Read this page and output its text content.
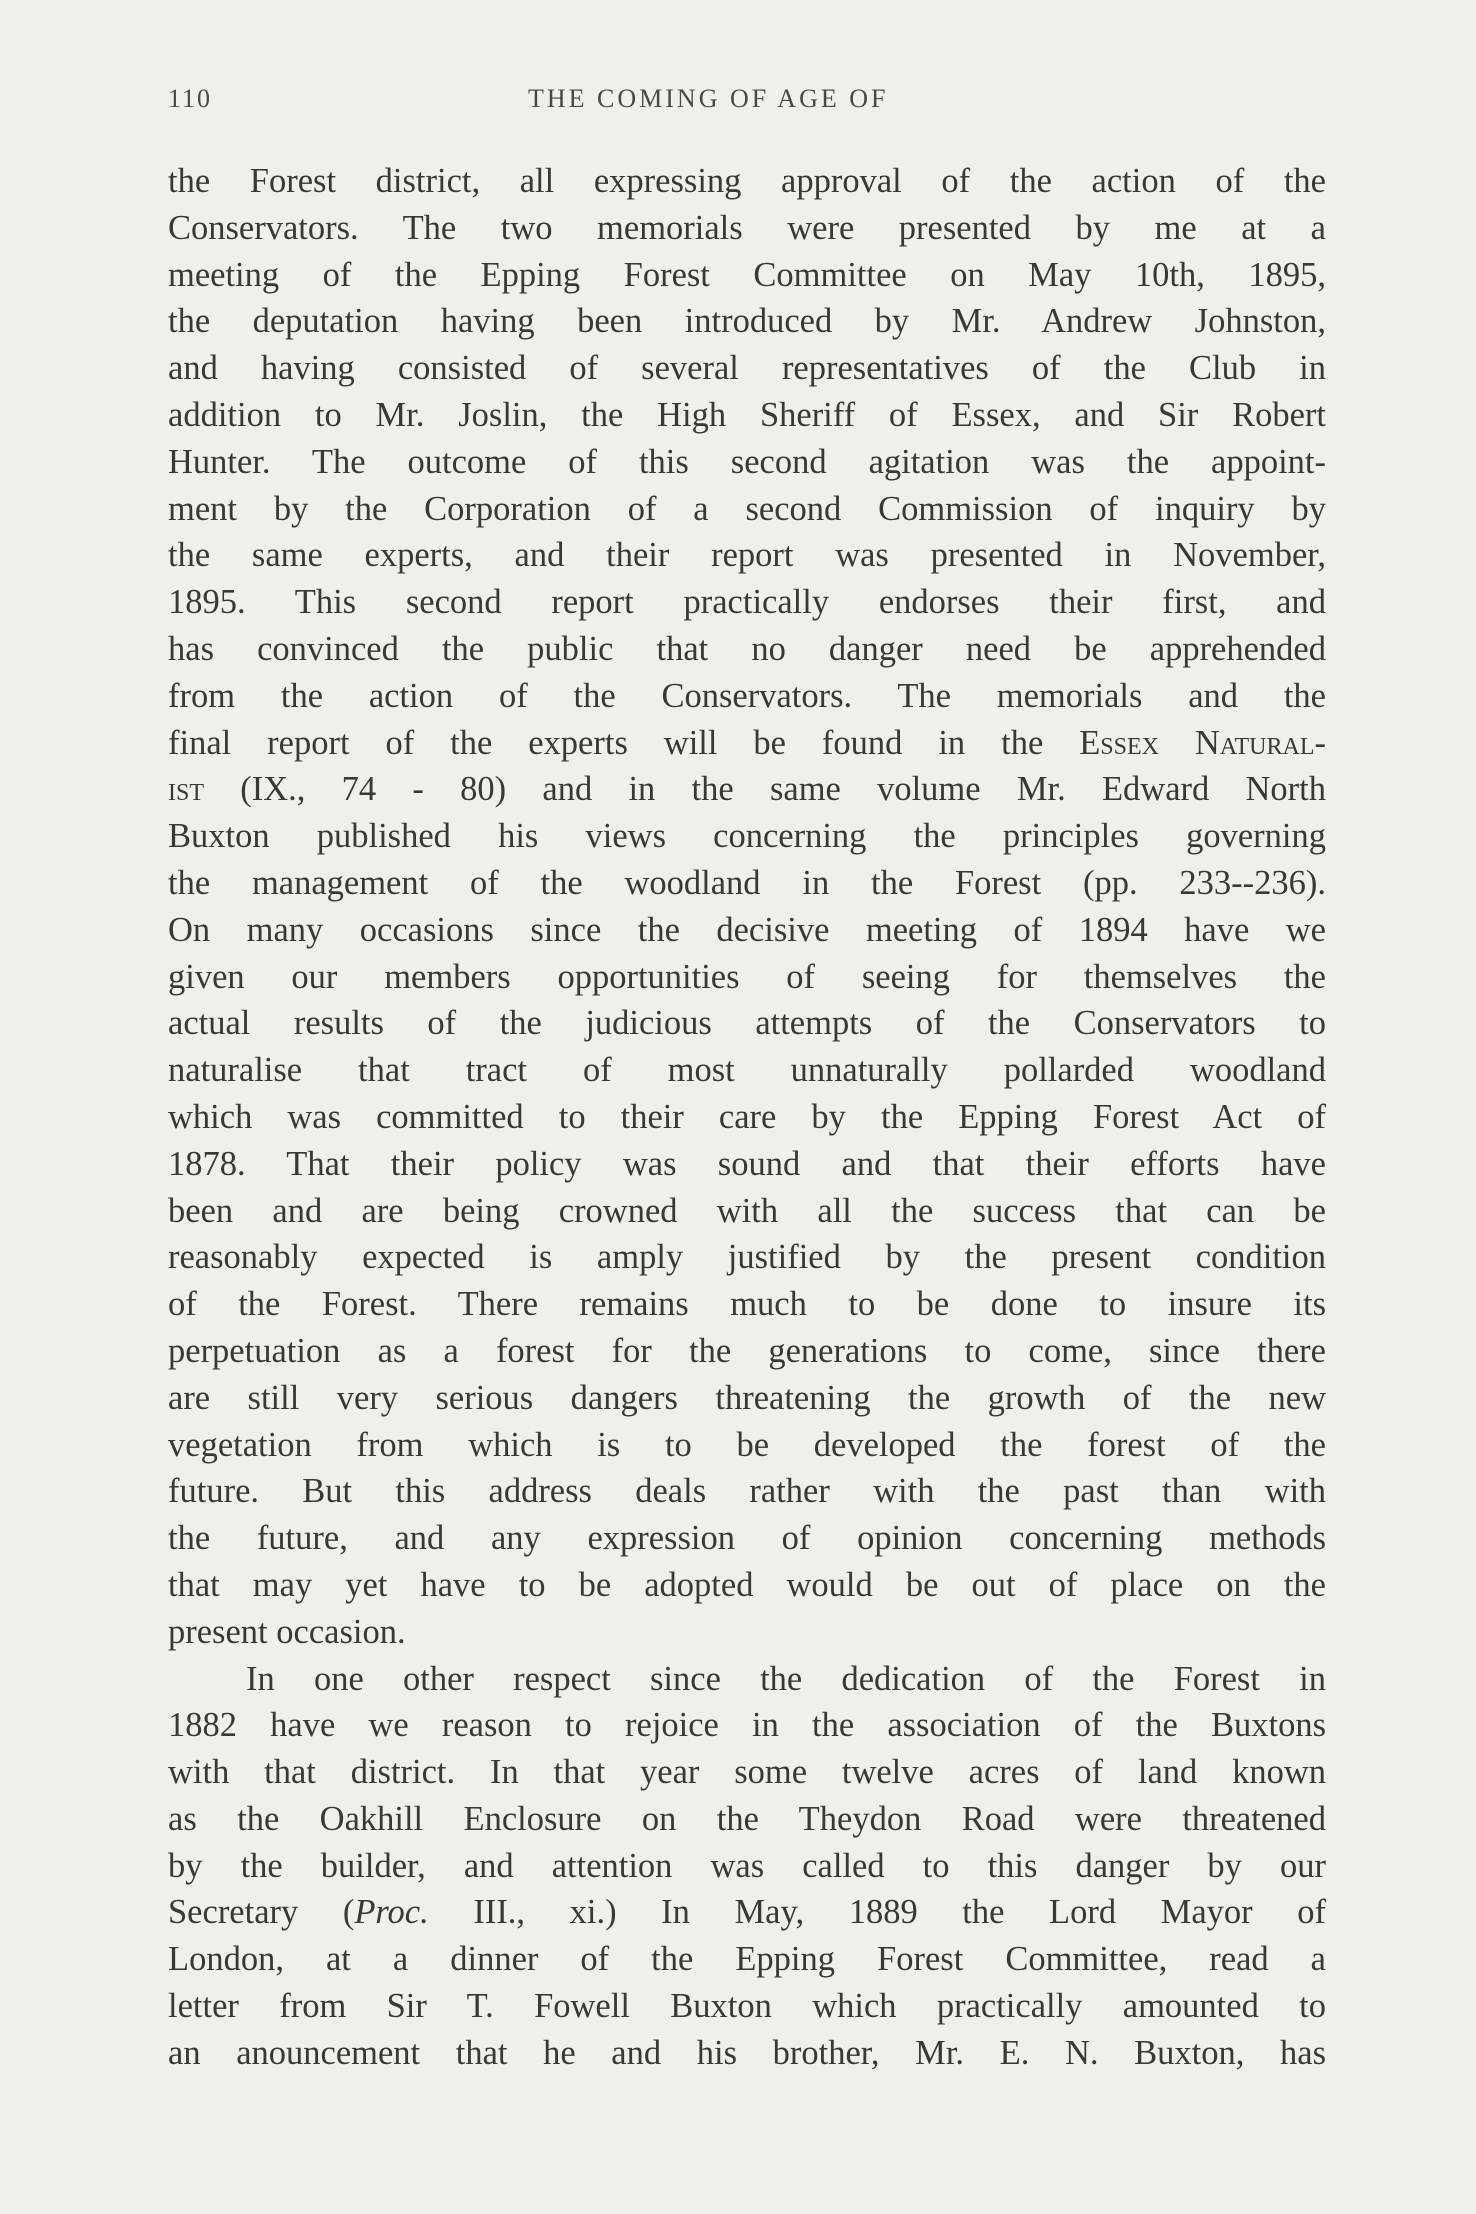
110	THE COMING OF AGE OF
the Forest district, all expressing approval of the action of the
Conservators. The two memorials were presented by me at a
meeting of the Epping Forest Committee on May 10th, 1895,
the deputation having been introduced by Mr. Andrew Johnston,
and having consisted of several representatives of the Club in
addition to Mr. Joslin, the High Sheriff of Essex, and Sir Robert
Hunter. The outcome of this second agitation was the appoint-
ment by the Corporation of a second Commission of inquiry by
the same experts, and their report was presented in November,
1895. This second report practically endorses their first, and
has convinced the public that no danger need be apprehended
from the action of the Conservators. The memorials and the
final report of the experts will be found in the Essex Natural-
ist (IX., 74 - 80) and in the same volume Mr. Edward North
Buxton published his views concerning the principles governing
the management of the woodland in the Forest (pp. 233--236).
On many occasions since the decisive meeting of 1894 have we
given our members opportunities of seeing for themselves the
actual results of the judicious attempts of the Conservators to
naturalise that tract of most unnaturally pollarded woodland
which was committed to their care by the Epping Forest Act of
1878. That their policy was sound and that their efforts have
been and are being crowned with all the success that can be
reasonably expected is amply justified by the present condition
of the Forest. There remains much to be done to insure its
perpetuation as a forest for the generations to come, since there
are still very serious dangers threatening the growth of the new
vegetation from which is to be developed the forest of the
future. But this address deals rather with the past than with
the future, and any expression of opinion concerning methods
that may yet have to be adopted would be out of place on the
present occasion.
In one other respect since the dedication of the Forest in
1882 have we reason to rejoice in the association of the Buxtons
with that district. In that year some twelve acres of land known
as the Oakhill Enclosure on the Theydon Road were threatened
by the builder, and attention was called to this danger by our
Secretary (Proc. III., xi.) In May, 1889 the Lord Mayor of
London, at a dinner of the Epping Forest Committee, read a
letter from Sir T. Fowell Buxton which practically amounted to
an anouncement that he and his brother, Mr. E. N. Buxton, has
